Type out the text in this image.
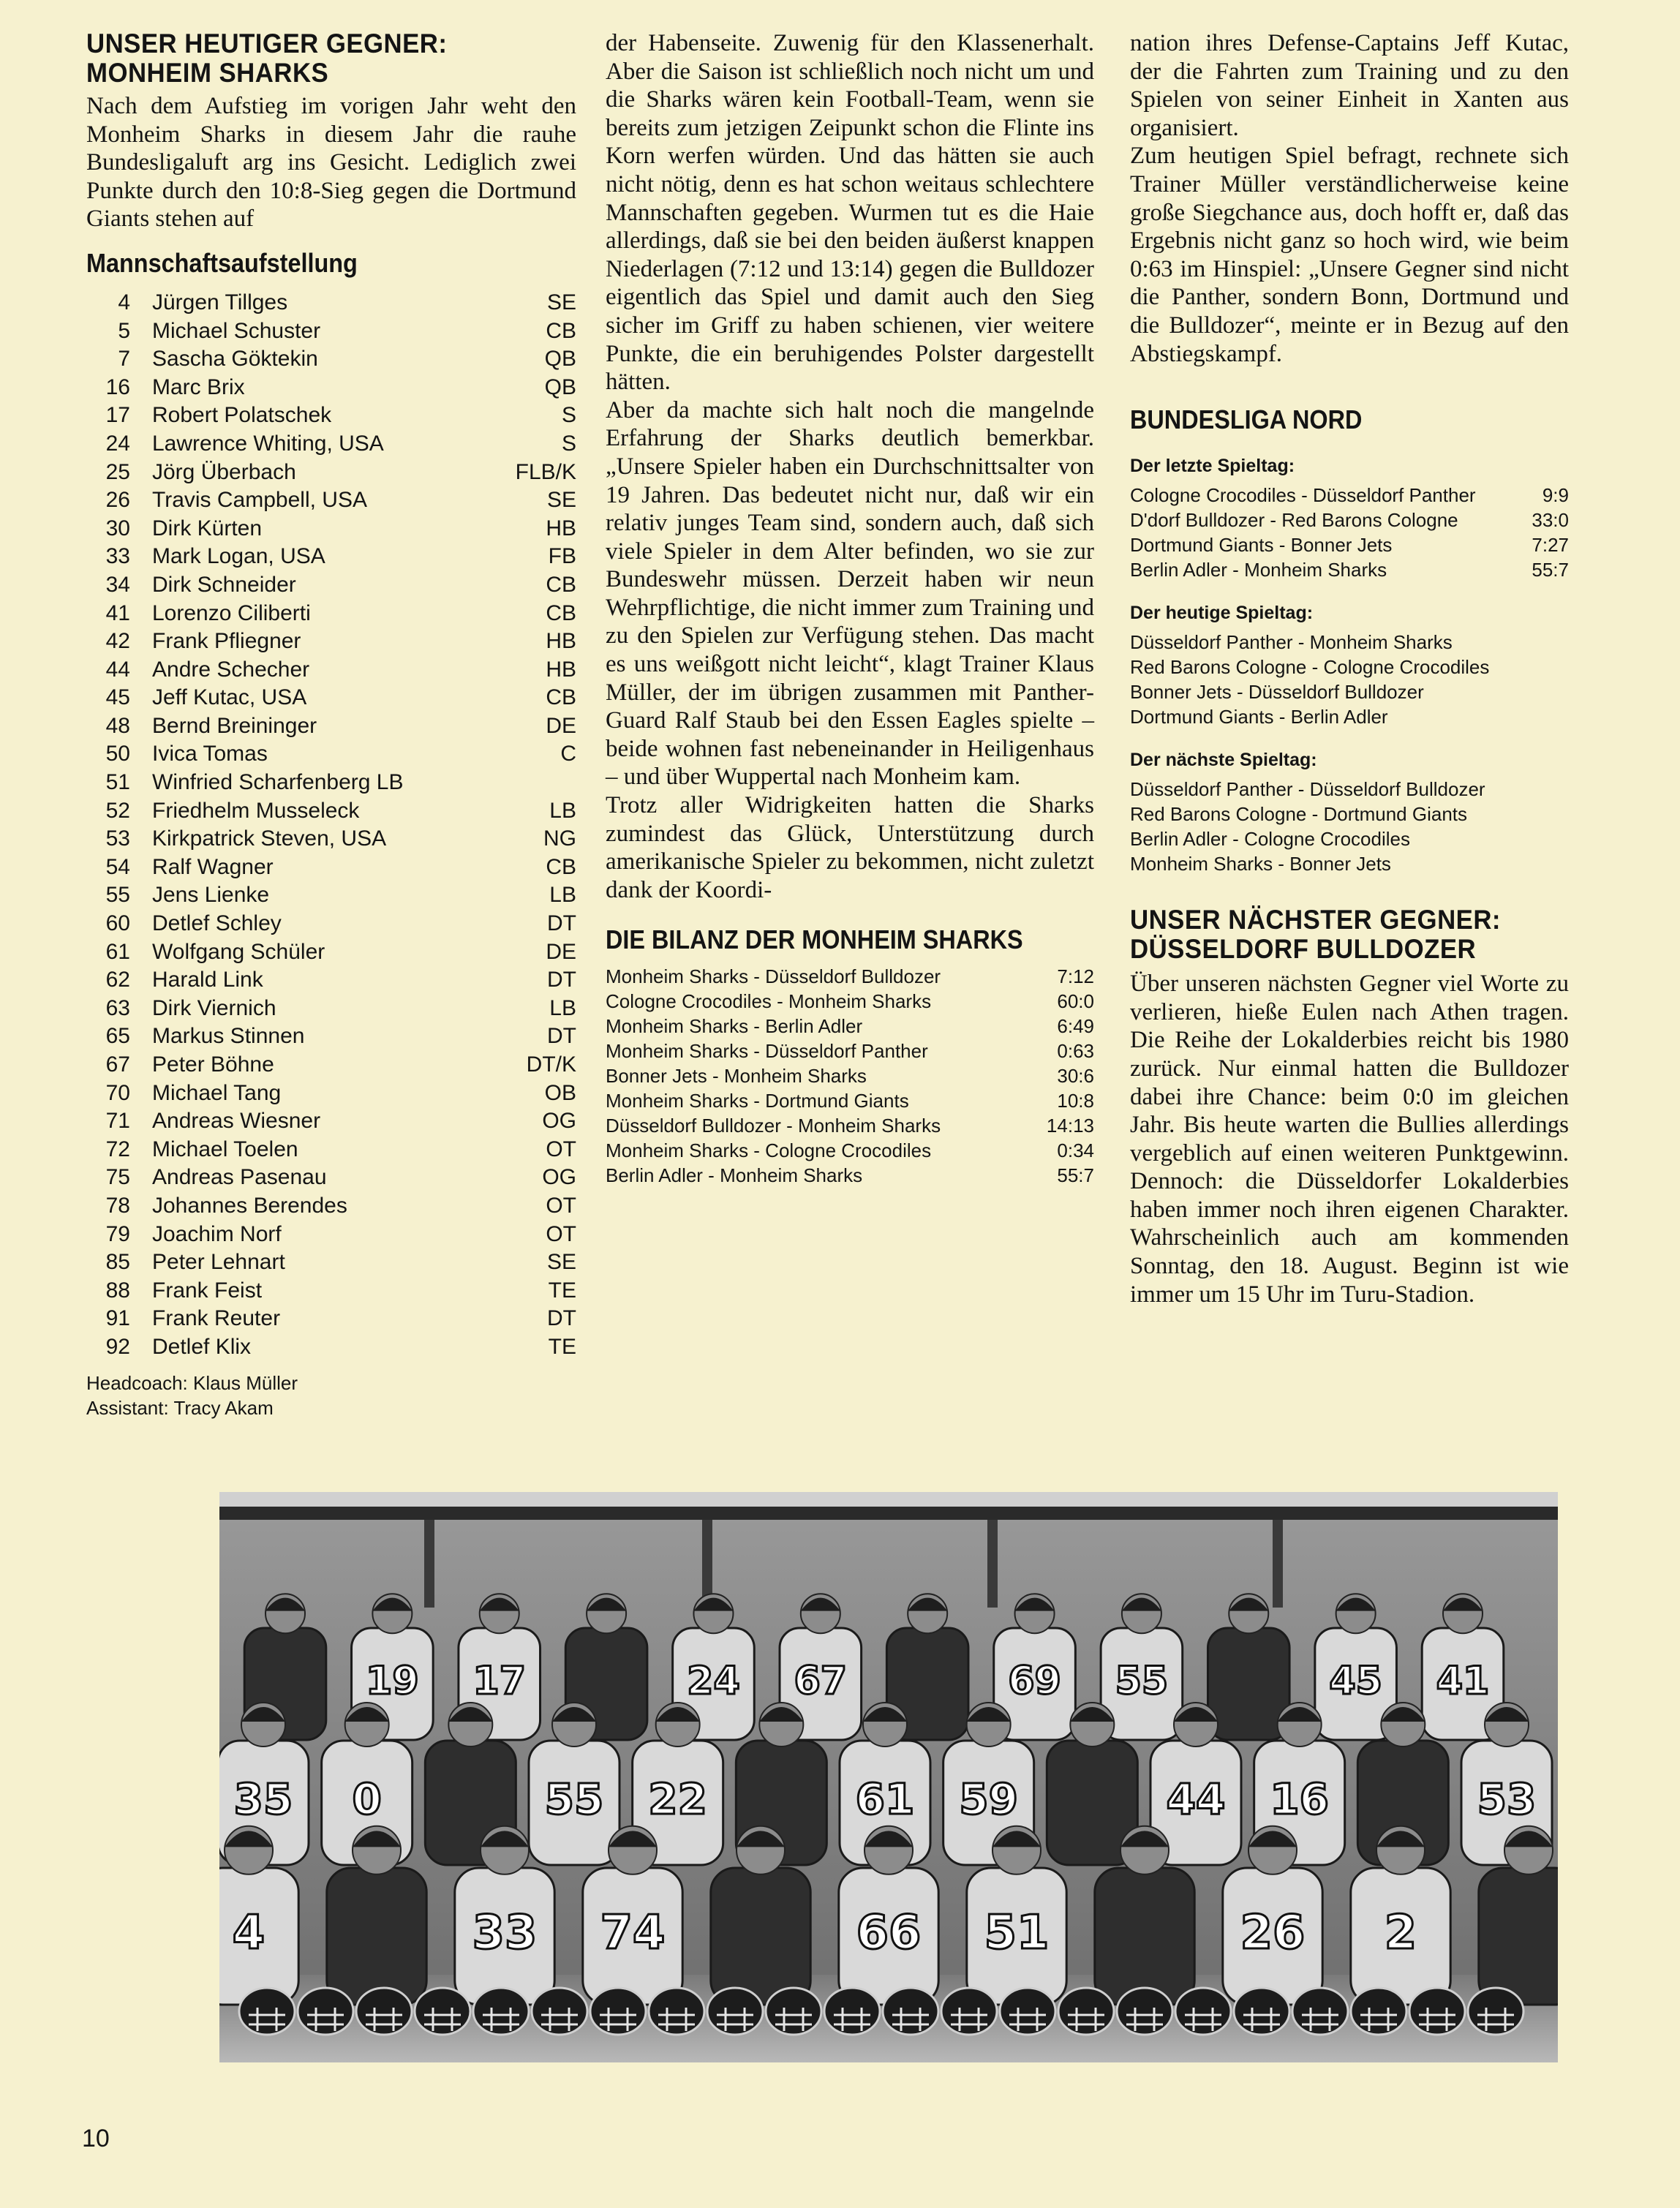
UNSER HEUTIGER GEGNER:
MONHEIM SHARKS

Nach dem Aufstieg im vorigen Jahr weht den Monheim Sharks in diesem Jahr die rauhe Bundesligaluft arg ins Gesicht. Lediglich zwei Punkte durch den 10:8-Sieg gegen die Dortmund Giants stehen auf

Mannschaftsaufstellung
4 Jürgen Tillges	SE
5 Michael Schuster	CB
7 Sascha Göktekin	QB
16 Marc Brix	QB
17 Robert Polatschek	S
24 Lawrence Whiting, USA	S
25 Jörg Überbach	FLB/K
26 Travis Campbell, USA	SE
30 Dirk Kürten	HB
33 Mark Logan, USA	FB
34 Dirk Schneider	CB
41 Lorenzo Ciliberti	CB
42 Frank Pfliegner	HB
44 Andre Schecher	HB
45 Jeff Kutac, USA	CB
48 Bernd Breininger	DE
50 Ivica Tomas	C
51 Winfried Scharfenberg LB
52 Friedhelm Musseleck	LB
53 Kirkpatrick Steven, USA	NG
54 Ralf Wagner	CB
55 Jens Lienke	LB
60 Detlef Schley	DT
61 Wolfgang Schüler	DE
62 Harald Link	DT
63 Dirk Viernich	LB
65 Markus Stinnen	DT
67 Peter Böhne	DT/K
70 Michael Tang	OB
71 Andreas Wiesner	OG
72 Michael Toelen	OT
75 Andreas Pasenau	OG
78 Johannes Berendes	OT
79 Joachim Norf	OT
85 Peter Lehnart	SE
88 Frank Feist	TE
91 Frank Reuter	DT
92 Detlef Klix	TE
Headcoach: Klaus Müller
Assistant: Tracy Akam

der Habenseite. Zuwenig für den Klassenerhalt. Aber die Saison ist schließlich noch nicht um und die Sharks wären kein Football-Team, wenn sie bereits zum jetzigen Zeipunkt schon die Flinte ins Korn werfen würden. Und das hätten sie auch nicht nötig, denn es hat schon weitaus schlechtere Mannschaften gegeben. Wurmen tut es die Haie allerdings, daß sie bei den beiden äußerst knappen Niederlagen (7:12 und 13:14) gegen die Bulldozer eigentlich das Spiel und damit auch den Sieg sicher im Griff zu haben schienen, vier weitere Punkte, die ein beruhigendes Polster dargestellt hätten.

Aber da machte sich halt noch die mangelnde Erfahrung der Sharks deutlich bemerkbar. „Unsere Spieler haben ein Durchschnittsalter von 19 Jahren. Das bedeutet nicht nur, daß wir ein relativ junges Team sind, sondern auch, daß sich viele Spieler in dem Alter befinden, wo sie zur Bundeswehr müssen. Derzeit haben wir neun Wehrpflichtige, die nicht immer zum Training und zu den Spielen zur Verfügung stehen. Das macht es uns weißgott nicht leicht“, klagt Trainer Klaus Müller, der im übrigen zusammen mit Panther-Guard Ralf Staub bei den Essen Eagles spielte – beide wohnen fast nebeneinander in Heiligenhaus – und über Wuppertal nach Monheim kam.

Trotz aller Widrigkeiten hatten die Sharks zumindest das Glück, Unterstützung durch amerikanische Spieler zu bekommen, nicht zuletzt dank der Koordi-

DIE BILANZ DER MONHEIM SHARKS
Monheim Sharks - Düsseldorf Bulldozer	7:12
Cologne Crocodiles - Monheim Sharks	60:0
Monheim Sharks - Berlin Adler	6:49
Monheim Sharks - Düsseldorf Panther	0:63
Bonner Jets - Monheim Sharks	30:6
Monheim Sharks - Dortmund Giants	10:8
Düsseldorf Bulldozer - Monheim Sharks	14:13
Monheim Sharks - Cologne Crocodiles	0:34
Berlin Adler - Monheim Sharks	55:7

nation ihres Defense-Captains Jeff Kutac, der die Fahrten zum Training und zu den Spielen von seiner Einheit in Xanten aus organisiert.

Zum heutigen Spiel befragt, rechnete sich Trainer Müller verständlicherweise keine große Siegchance aus, doch hofft er, daß das Ergebnis nicht ganz so hoch wird, wie beim 0:63 im Hinspiel: „Unsere Gegner sind nicht die Panther, sondern Bonn, Dortmund und die Bulldozer“, meinte er in Bezug auf den Abstiegskampf.

BUNDESLIGA NORD
Der letzte Spieltag:
Cologne Crocodiles - Düsseldorf Panther	9:9
D'dorf Bulldozer - Red Barons Cologne	33:0
Dortmund Giants - Bonner Jets	7:27
Berlin Adler - Monheim Sharks	55:7
Der heutige Spieltag:
Düsseldorf Panther - Monheim Sharks
Red Barons Cologne - Cologne Crocodiles
Bonner Jets - Düsseldorf Bulldozer
Dortmund Giants - Berlin Adler
Der nächste Spieltag:
Düsseldorf Panther - Düsseldorf Bulldozer
Red Barons Cologne - Dortmund Giants
Berlin Adler - Cologne Crocodiles
Monheim Sharks - Bonner Jets
UNSER NÄCHSTER GEGNER:
DÜSSELDORF BULLDOZER

Über unseren nächsten Gegner viel Worte zu verlieren, hieße Eulen nach Athen tragen. Die Reihe der Lokalderbies reicht bis 1980 zurück. Nur einmal hatten die Bulldozer dabei ihre Chance: beim 0:0 im gleichen Jahr. Bis heute warten die Bullies allerdings vergeblich auf einen weiteren Punktgewinn. Dennoch: die Düsseldorfer Lokalderbies haben immer noch ihren eigenen Charakter. Wahrscheinlich auch am kommenden Sonntag, den 18. August. Beginn ist wie immer um 15 Uhr im Turu-Stadion.

19 17	24 67	69 55	45 41
35 0	55 22	61 59	44 16	53
4	33 74	66 51	26 2
10
